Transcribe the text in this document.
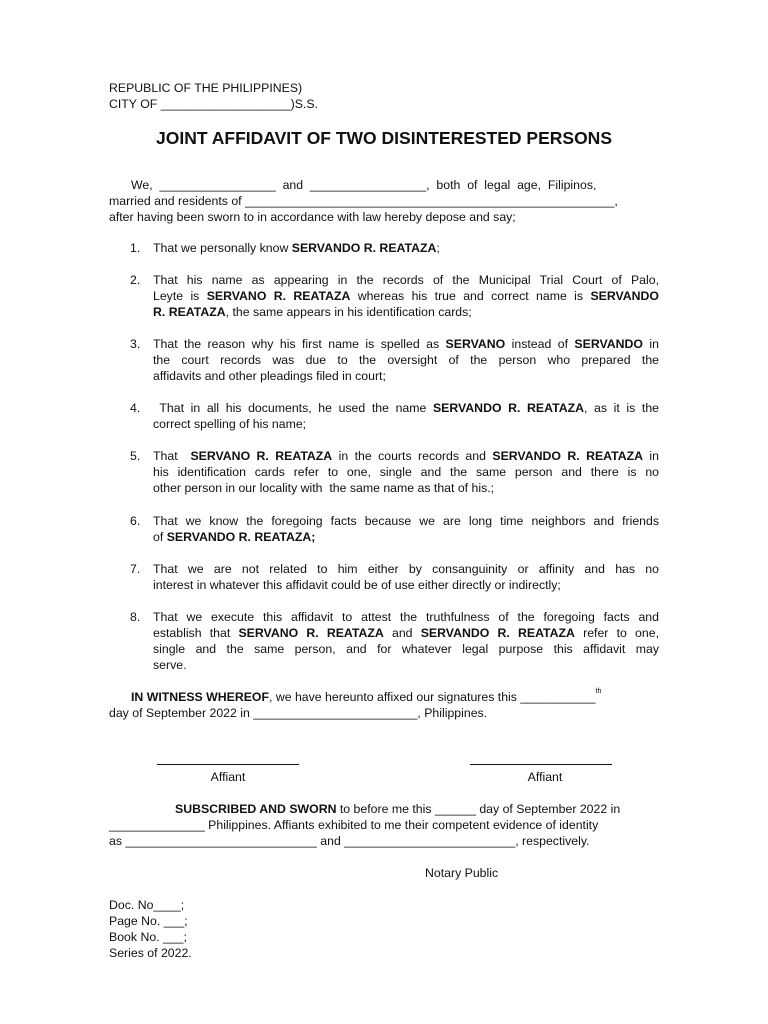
REPUBLIC OF THE PHILIPPINES)
CITY OF ___________________)S.S.
JOINT AFFIDAVIT OF TWO DISINTERESTED PERSONS
We,  _________________  and  _________________,  both  of  legal  age,  Filipinos,
married and residents of ______________________________________________________,
after having been sworn to in accordance with law hereby depose and say;
1.	That we personally know SERVANDO R. REATAZA;
2.	That his name as appearing in the records of the Municipal Trial Court of Palo,
Leyte is SERVANO R. REATAZA whereas his true and correct name is SERVANDO
R. REATAZA, the same appears in his identification cards;
3.	That the reason why his first name is spelled as SERVANO instead of SERVANDO in
the court records was due to the oversight of the person who prepared the
affidavits and other pleadings filed in court;
4.	That in all his documents, he used the name SERVANDO R. REATAZA, as it is the
correct spelling of his name;
5.	That  SERVANO R. REATAZA in the courts records and SERVANDO R. REATAZA in
his identification cards refer to one, single and the same person and there is no
other person in our locality with  the same name as that of his.;
6.	That we know the foregoing facts because we are long time neighbors and friends
of SERVANDO R. REATAZA;
7.	That we are not related to him either by consanguinity or affinity and has no
interest in whatever this affidavit could be of use either directly or indirectly;
8.	That we execute this affidavit to attest the truthfulness of the foregoing facts and
establish that SERVANO R. REATAZA and SERVANDO R. REATAZA refer to one,
single and the same person, and for whatever legal purpose this affidavit may
serve.
IN WITNESS WHEREOF, we have hereunto affixed our signatures this ___________$^{th}$
day of September 2022 in ________________________, Philippines.
Affiant	Affiant
SUBSCRIBED AND SWORN to before me this ______ day of September 2022 in
______________ Philippines. Affiants exhibited to me their competent evidence of identity
as ____________________________ and _________________________, respectively.
Notary Public
Doc. No____;
Page No. ___;
Book No. ___;
Series of 2022.
